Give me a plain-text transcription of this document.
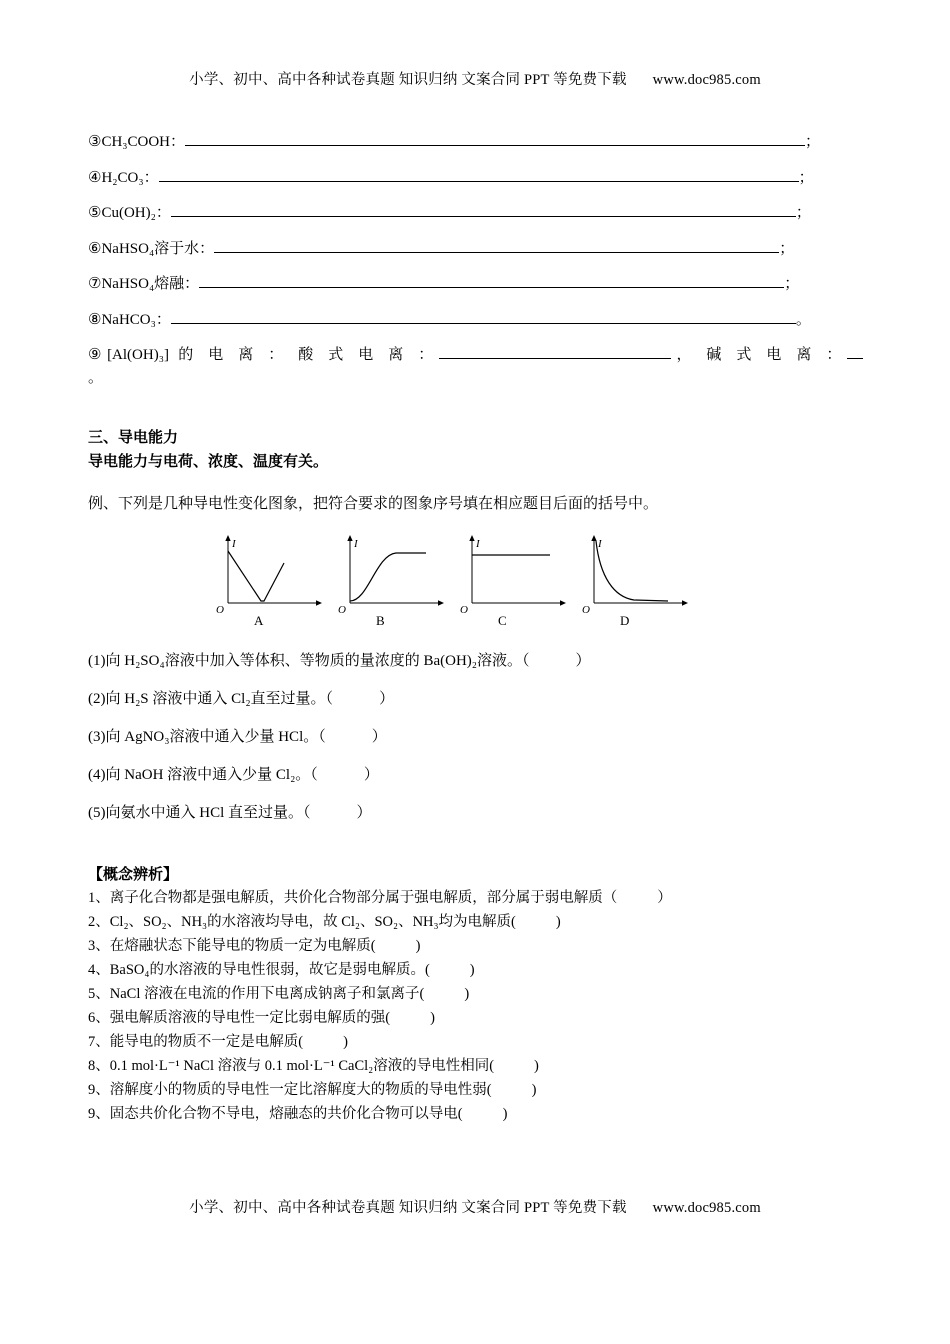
小学、初中、高中各种试卷真题 知识归纳 文案合同 PPT 等免费下载 www.doc985.com
③CH₃COOH：	；
④H₂CO₃：	；
⑤Cu(OH)₂：	；
⑥NaHSO₄溶于水：	；
⑦NaHSO₄熔融：	；
⑧NaHCO₃：	。
⑨[Al(OH)₃] 的 电 离 ： 酸 式 电 离 ：	， 碱 式 电 离 ：
。
三、导电能力
导电能力与电荷、浓度、温度有关。
例、下列是几种导电性变化图象，把符合要求的图象序号填在相应题目后面的括号中。
I
O
A
I
O
B
I
O
C
I
O
D
(1)向 H₂SO₄溶液中加入等体积、等物质的量浓度的 Ba(OH)₂溶液。（	）
(2)向 H₂S 溶液中通入 Cl₂直至过量。（	）
(3)向 AgNO₃溶液中通入少量 HCl。（	）
(4)向 NaOH 溶液中通入少量 Cl₂。（	）
(5)向氨水中通入 HCl 直至过量。（	）
【概念辨析】
1、离子化合物都是强电解质，共价化合物部分属于强电解质，部分属于弱电解质（	）
2、Cl₂、SO₂、NH₃的水溶液均导电，故 Cl₂、SO₂、NH₃均为电解质(	)
3、在熔融状态下能导电的物质一定为电解质(	)
4、BaSO₄的水溶液的导电性很弱，故它是弱电解质。(	)
5、NaCl 溶液在电流的作用下电离成钠离子和氯离子(	)
6、强电解质溶液的导电性一定比弱电解质的强(	)
7、能导电的物质不一定是电解质(	)
8、0.1 mol·L⁻¹ NaCl 溶液与 0.1 mol·L⁻¹ CaCl₂溶液的导电性相同(	)
9、溶解度小的物质的导电性一定比溶解度大的物质的导电性弱(	)
9、固态共价化合物不导电，熔融态的共价化合物可以导电(	)
小学、初中、高中各种试卷真题 知识归纳 文案合同 PPT 等免费下载 www.doc985.com
